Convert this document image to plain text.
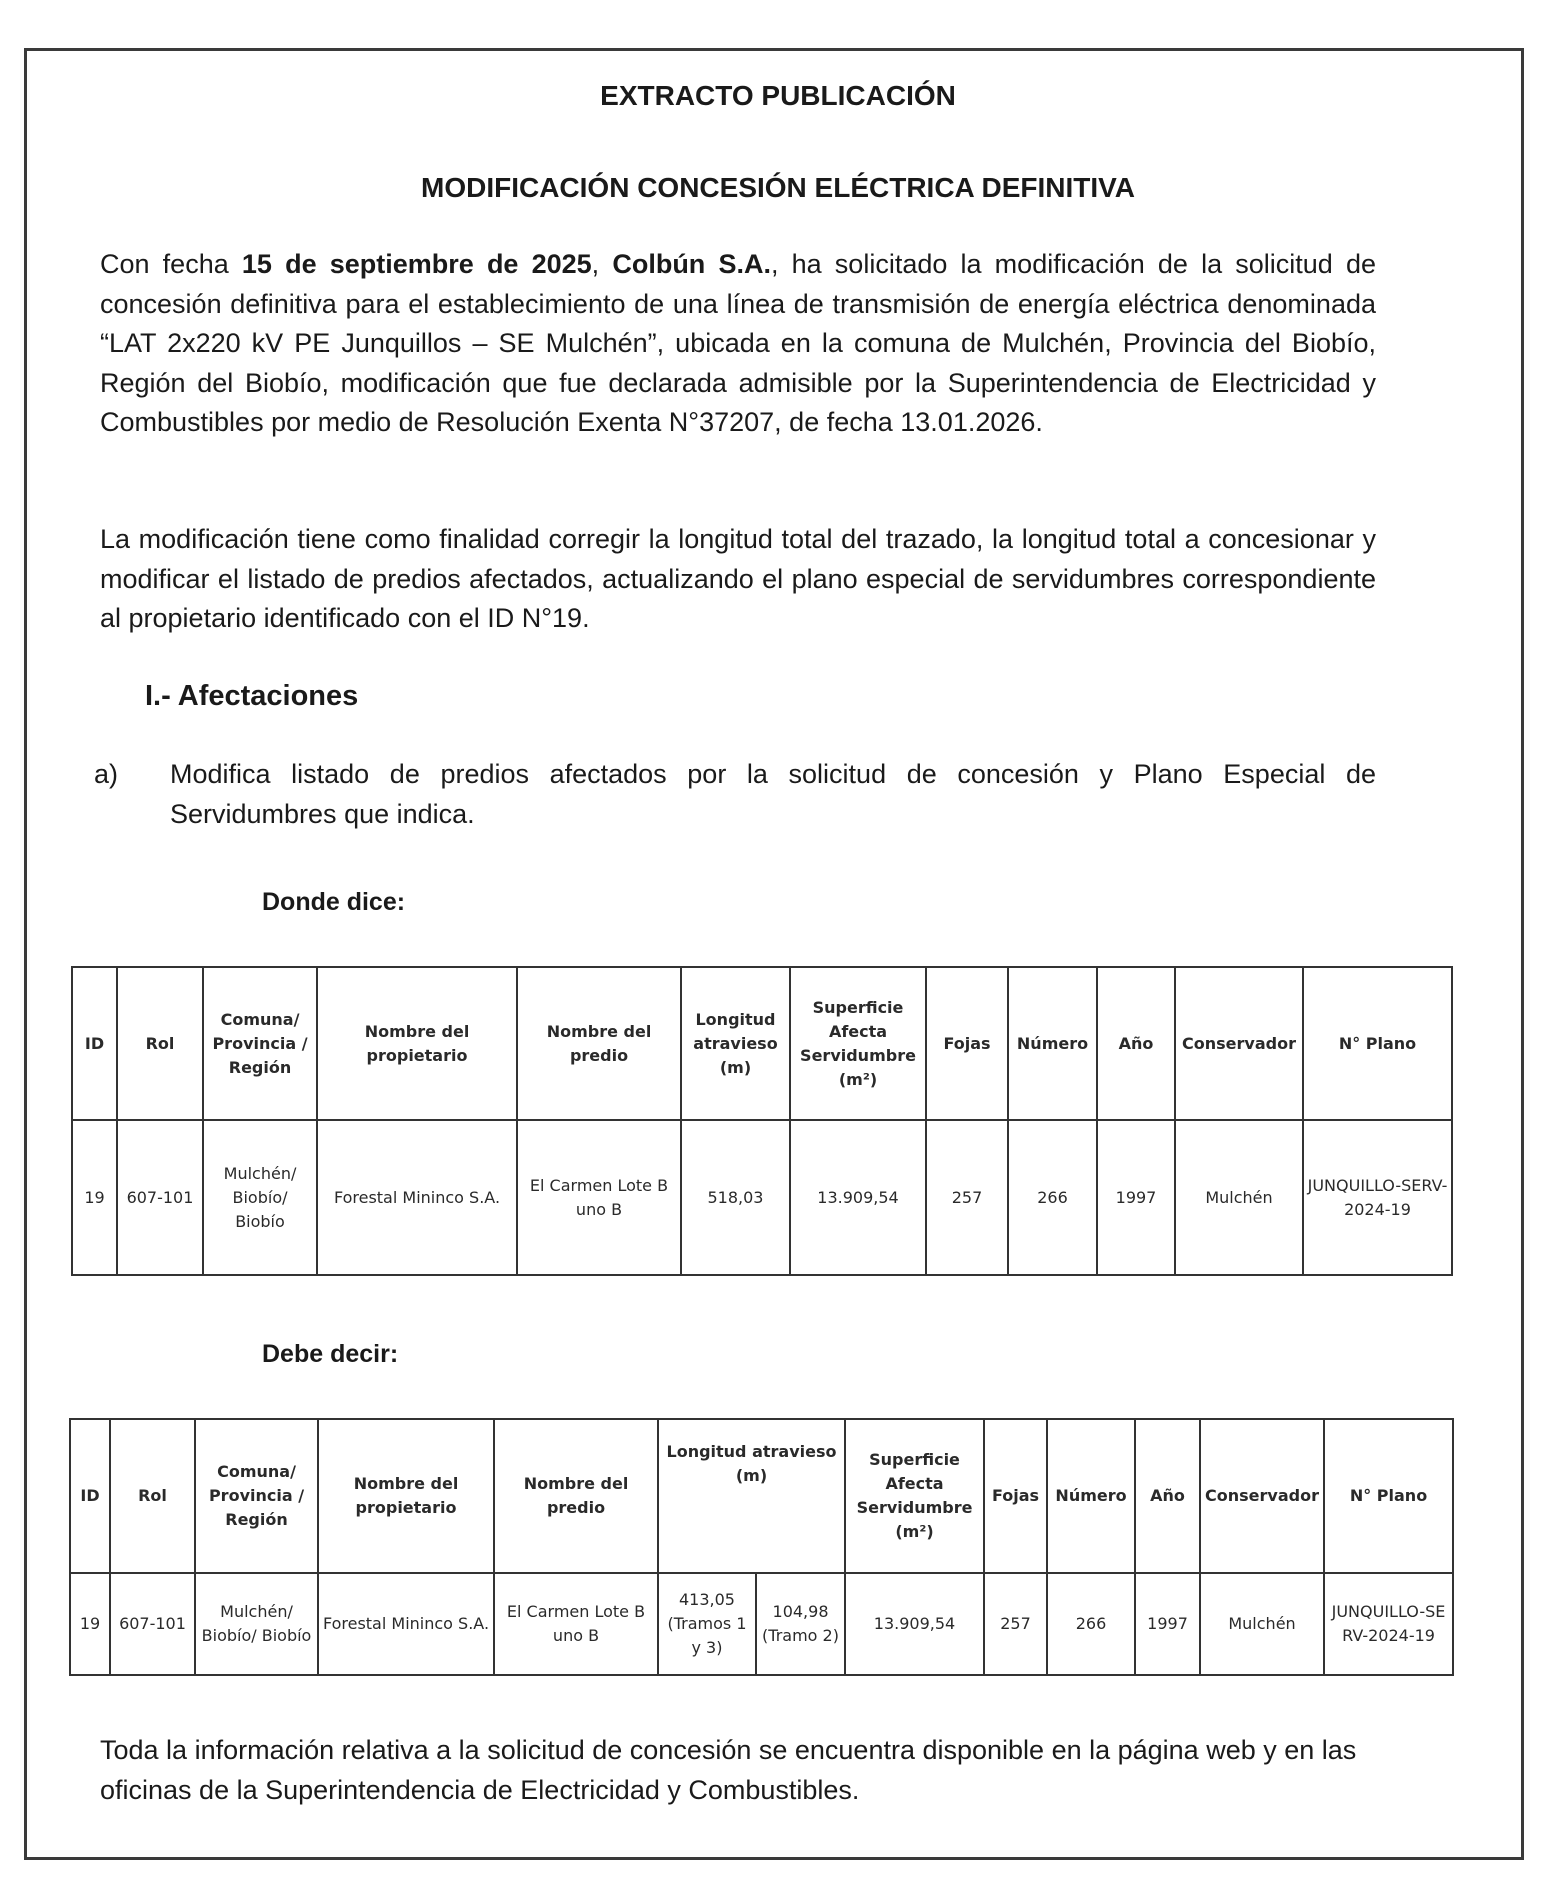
EXTRACTO PUBLICACIÓN
MODIFICACIÓN CONCESIÓN ELÉCTRICA DEFINITIVA
Con fecha 15 de septiembre de 2025, Colbún S.A., ha solicitado la modificación de la solicitud de concesión definitiva para el establecimiento de una línea de transmisión de energía eléctrica denominada “LAT 2x220 kV PE Junquillos – SE Mulchén”, ubicada en la comuna de Mulchén, Provincia del Biobío, Región del Biobío, modificación que fue declarada admisible por la Superintendencia de Electricidad y Combustibles por medio de Resolución Exenta N°37207, de fecha 13.01.2026.
La modificación tiene como finalidad corregir la longitud total del trazado, la longitud total a concesionar y modificar el listado de predios afectados, actualizando el plano especial de servidumbres correspondiente al propietario identificado con el ID N°19.
I.- Afectaciones
a) Modifica listado de predios afectados por la solicitud de concesión y Plano Especial de Servidumbres que indica.
Donde dice:
ID	Rol	Comuna/ Provincia / Región	Nombre del propietario	Nombre del predio	Longitud atravieso (m)	Superficie Afecta Servidumbre (m²)	Fojas	Número	Año	Conservador	N° Plano
19	607-101	Mulchén/ Biobío/ Biobío	Forestal Mininco S.A.	El Carmen Lote B uno B	518,03	13.909,54	257	266	1997	Mulchén	JUNQUILLO-SERV-2024-19
Debe decir:
ID	Rol	Comuna/ Provincia / Región	Nombre del propietario	Nombre del predio	Longitud atravieso (m)		Superficie Afecta Servidumbre (m²)	Fojas	Número	Año	Conservador	N° Plano
19	607-101	Mulchén/ Biobío/ Biobío	Forestal Mininco S.A.	El Carmen Lote B uno B	413,05 (Tramos 1 y 3)	104,98 (Tramo 2)	13.909,54	257	266	1997	Mulchén	JUNQUILLO-SERV-2024-19
Toda la información relativa a la solicitud de concesión se encuentra disponible en la página web y en las oficinas de la Superintendencia de Electricidad y Combustibles.
